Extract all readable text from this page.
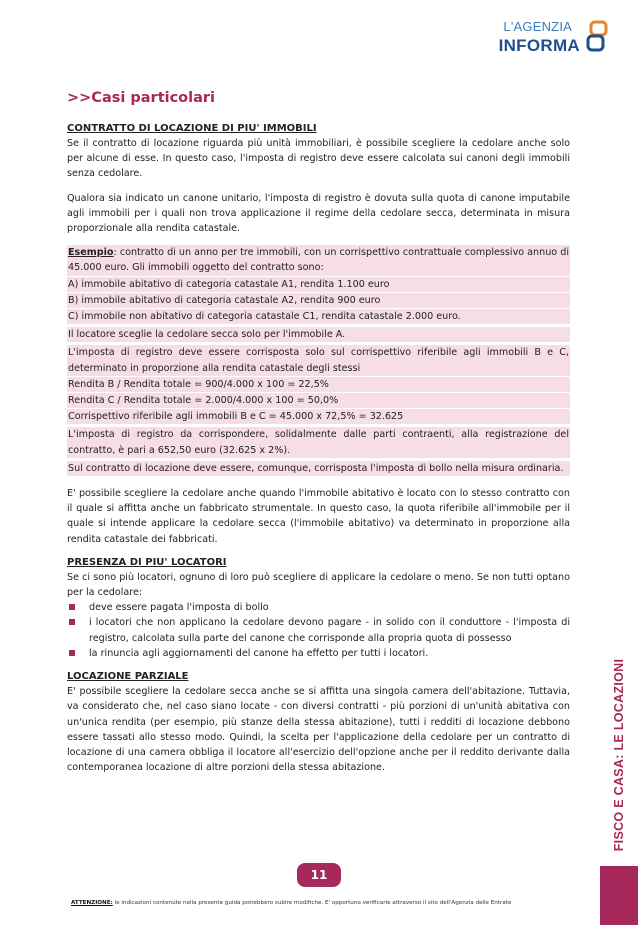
L'AGENZIA
INFORMA
>>Casi particolari

CONTRATTO DI LOCAZIONE DI PIU' IMMOBILI

Se il contratto di locazione riguarda più unità immobiliari, è possibile scegliere la cedolare anche solo per alcune di esse. In questo caso, l'imposta di registro deve essere calcolata sui canoni degli immobili senza cedolare.

Qualora sia indicato un canone unitario, l'imposta di registro è dovuta sulla quota di canone imputabile agli immobili per i quali non trova applicazione il regime della cedolare secca, determinata in misura proporzionale alla rendita catastale.

Esempio: contratto di un anno per tre immobili, con un corrispettivo contrattuale complessivo annuo di 45.000 euro. Gli immobili oggetto del contratto sono:
A) immobile abitativo di categoria catastale A1, rendita 1.100 euro
B) immobile abitativo di categoria catastale A2, rendita 900 euro
C) immobile non abitativo di categoria catastale C1, rendita catastale 2.000 euro.
Il locatore sceglie la cedolare secca solo per l'immobile A.
L'imposta di registro deve essere corrisposta solo sul corrispettivo riferibile agli immobili B e C, determinato in proporzione alla rendita catastale degli stessi
Rendita B / Rendita totale = 900/4.000 x 100 = 22,5%
Rendita C / Rendita totale = 2.000/4.000 x 100 = 50,0%
Corrispettivo riferibile agli immobili B e C = 45.000 x 72,5% = 32.625
L'imposta di registro da corrispondere, solidalmente dalle parti contraenti, alla registrazione del contratto, è pari a 652,50 euro (32.625 x 2%).
Sul contratto di locazione deve essere, comunque, corrisposta l'imposta di bollo nella misura ordinaria.

E' possibile scegliere la cedolare anche quando l'immobile abitativo è locato con lo stesso contratto con il quale si affitta anche un fabbricato strumentale. In questo caso, la quota riferibile all'immobile per il quale si intende applicare la cedolare secca (l'immobile abitativo) va determinato in proporzione alla rendita catastale dei fabbricati.

PRESENZA DI PIU' LOCATORI

Se ci sono più locatori, ognuno di loro può scegliere di applicare la cedolare o meno. Se non tutti optano per la cedolare:

deve essere pagata l'imposta di bollo
i locatori che non applicano la cedolare devono pagare - in solido con il conduttore - l'imposta di registro, calcolata sulla parte del canone che corrisponde alla propria quota di possesso
la rinuncia agli aggiornamenti del canone ha effetto per tutti i locatori.

LOCAZIONE PARZIALE

E' possibile scegliere la cedolare secca anche se si affitta una singola camera dell'abitazione. Tuttavia, va considerato che, nel caso siano locate - con diversi contratti - più porzioni di un'unità abitativa con un'unica rendita (per esempio, più stanze della stessa abitazione), tutti i redditi di locazione debbono essere tassati allo stesso modo. Quindi, la scelta per l'applicazione della cedolare per un contratto di locazione di una camera obbliga il locatore all'esercizio dell'opzione anche per il reddito derivante dalla contemporanea locazione di altre porzioni della stessa abitazione.	FISCO E CASA: LE LOCAZIONI
11
ATTENZIONE: le indicazioni contenute nella presente guida potrebbero subire modifiche. E' opportuno verificarle attraverso il sito dell'Agenzia delle Entrate
